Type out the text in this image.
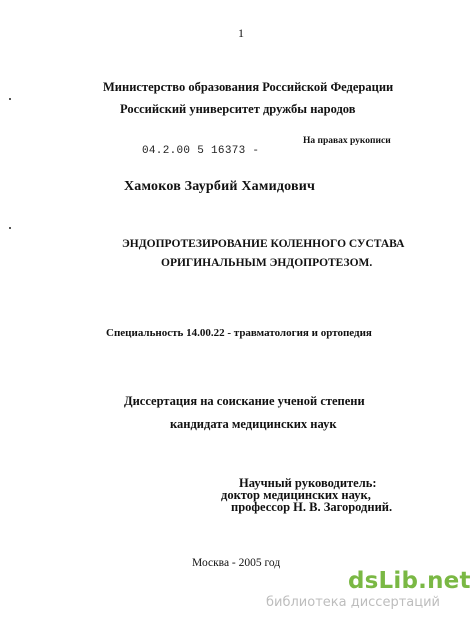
1
Министерство образования Российской Федерации
Российский университет дружбы народов
На правах рукописи
04.2.00 5 16373 -
Хамоков Заурбий Хамидович
ЭНДОПРОТЕЗИРОВАНИЕ КОЛЕННОГО СУСТАВА
ОРИГИНАЛЬНЫМ ЭНДОПРОТЕЗОМ.
Специальность 14.00.22 - травматология и ортопедия
Диссертация на соискание ученой степени
кандидата медицинских наук
Научный руководитель:
доктор медицинских наук,
профессор Н. В. Загородний.
Москва - 2005 год
dsLib.net
библиотека диссертаций
